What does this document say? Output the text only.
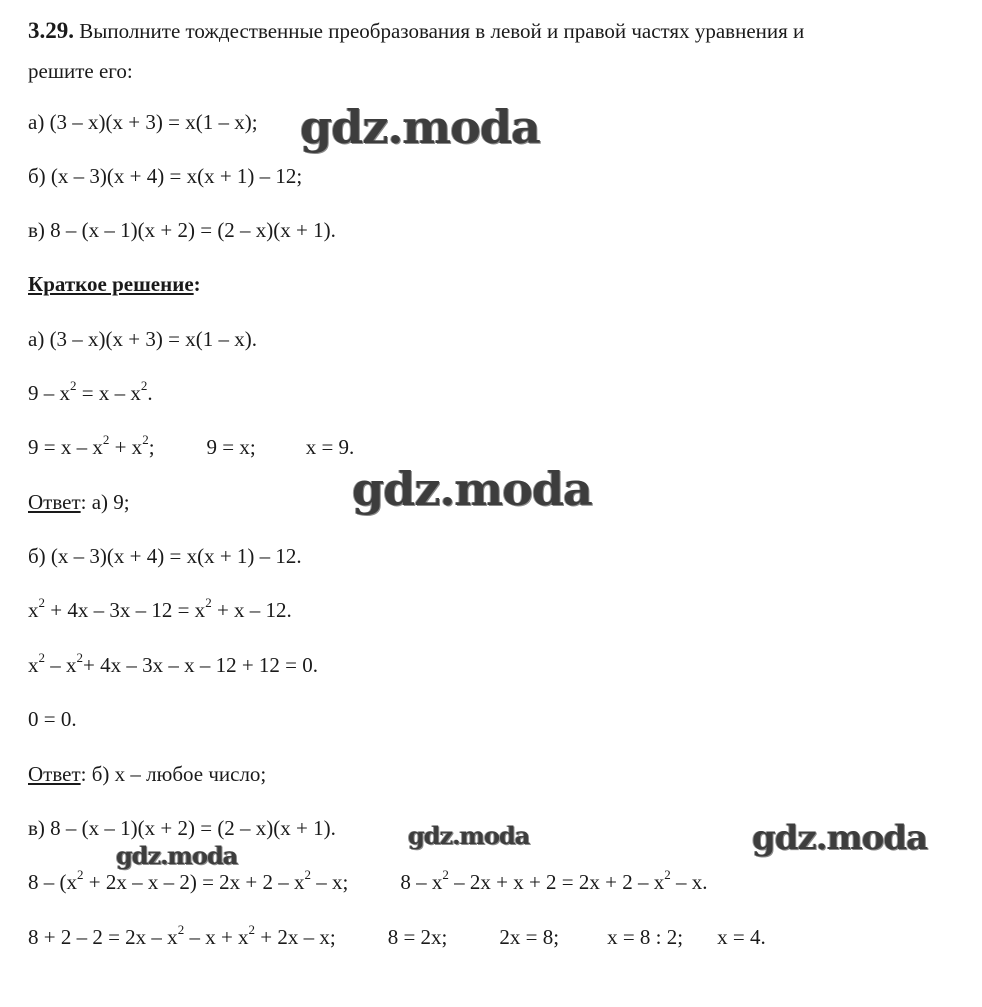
3.29. Выполните тождественные преобразования в левой и правой частях уравнения и
решите его:
а) (3 – x)(x + 3) = x(1 – x);
б) (x – 3)(x + 4) = x(x + 1) – 12;
в) 8 – (x – 1)(x + 2) = (2 – x)(x + 1).
Краткое решение:
а) (3 – x)(x + 3) = x(1 – x).
$9 - x^2 = x - x^2$.
$9 = x - x^2 + x^2$; 9 = x; x = 9.
Ответ: а) 9;
б) (x – 3)(x + 4) = x(x + 1) – 12.
$x^2 + 4x - 3x - 12 = x^2 + x - 12$.
$x^2 - x^2+ 4x - 3x - x - 12 + 12 = 0$.
0 = 0.
Ответ: б) x – любое число;
в) 8 – (x – 1)(x + 2) = (2 – x)(x + 1).
$8 - (x^2 + 2x - x - 2) = 2x + 2 - x^2 - x$; $8 - x^2 - 2x + x + 2 = 2x + 2 - x^2 - x$.
$8 + 2 - 2 = 2x - x^2 - x + x^2 + 2x - x$; 8 = 2x; 2x = 8; x = 8 : 2; x = 4.
gdz.moda
gdz.moda
gdz.moda
gdz.moda	gdz.moda
